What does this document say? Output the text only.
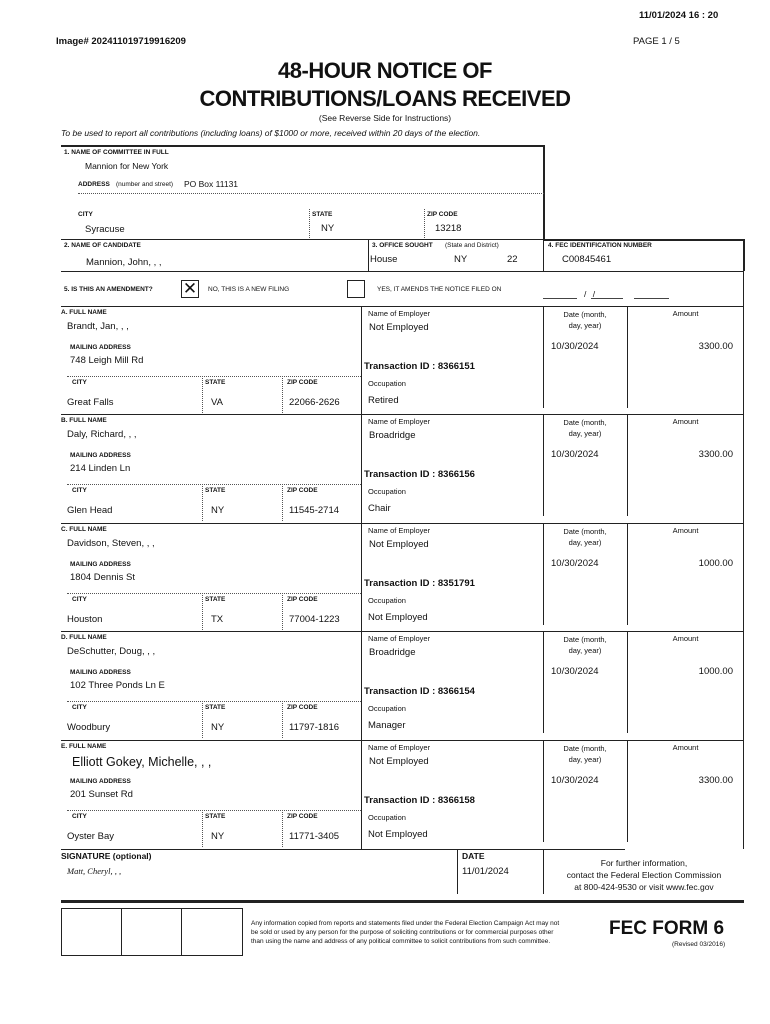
11/01/2024 16 : 20
Image# 202411019719916209	PAGE 1 / 5
48-HOUR NOTICE OF
CONTRIBUTIONS/LOANS RECEIVED
(See Reverse Side for Instructions)
To be used to report all contributions (including loans) of $1000 or more, received within 20 days of the election.
1. NAME OF COMMITTEE IN FULL
Mannion for New York
ADDRESS (number and street) PO Box 11131
CITY	STATE	ZIP CODE
Syracuse	NY	13218
2. NAME OF CANDIDATE
Mannion, John, , ,
3. OFFICE SOUGHT (State and District)
House	NY	22
4. FEC IDENTIFICATION NUMBER
C00845461
5. IS THIS AN AMENDMENT? ✕ NO, THIS IS A NEW FILING	YES, IT AMENDS THE NOTICE FILED ON	/ /
A. FULL NAME
Brandt, Jan, , ,
MAILING ADDRESS
748 Leigh Mill Rd
CITY	STATE	ZIP CODE
Great Falls	VA	22066-2626
Name of Employer
Not Employed
Transaction ID : 8366151
Occupation
Retired
Date (month,
day, year)
Amount
10/30/2024	3300.00
B. FULL NAME
Daly, Richard, , ,
MAILING ADDRESS
214 Linden Ln
CITY	STATE	ZIP CODE
Glen Head	NY	11545-2714
Name of Employer
Broadridge
Transaction ID : 8366156
Occupation
Chair
Date (month,
day, year)
Amount
10/30/2024	3300.00
C. FULL NAME
Davidson, Steven, , ,
MAILING ADDRESS
1804 Dennis St
CITY	STATE	ZIP CODE
Houston	TX	77004-1223
Name of Employer
Not Employed
Transaction ID : 8351791
Occupation
Not Employed
Date (month,
day, year)
Amount
10/30/2024	1000.00
D. FULL NAME
DeSchutter, Doug, , ,
MAILING ADDRESS
102 Three Ponds Ln E
CITY	STATE	ZIP CODE
Woodbury	NY	11797-1816
Name of Employer
Broadridge
Transaction ID : 8366154
Occupation
Manager
Date (month,
day, year)
Amount
10/30/2024	1000.00
E. FULL NAME
Elliott Gokey, Michelle, , ,
MAILING ADDRESS
201 Sunset Rd
CITY	STATE	ZIP CODE
Oyster Bay	NY	11771-3405
Name of Employer
Not Employed
Transaction ID : 8366158
Occupation
Not Employed
Date (month,
day, year)
Amount
10/30/2024	3300.00
SIGNATURE (optional)
Matt, Cheryl, , ,
DATE
11/01/2024
For further information,
contact the Federal Election Commission
at 800-424-9530 or visit www.fec.gov
Any information copied from reports and statements filed under the Federal Election Campaign Act may not
be sold or used by any person for the purpose of soliciting contributions or for commercial purposes other
than using the name and address of any political committee to solicit contributions from such committee.
FEC FORM 6
(Revised 03/2016)
